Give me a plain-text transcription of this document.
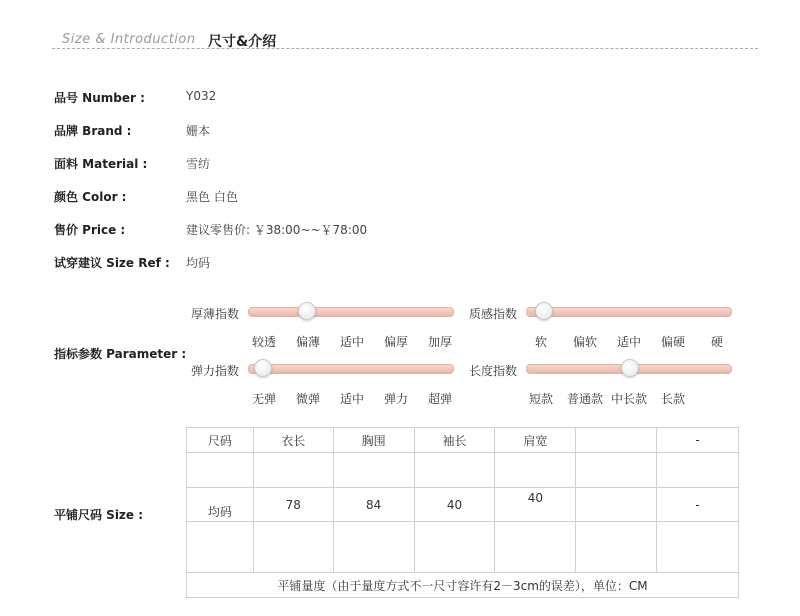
Size & Introduction 尺寸&介绍
品号 Number :	Y032
品牌 Brand :	姗本
面料 Material :	雪纺
颜色 Color :	黑色 白色
售价 Price :	建议零售价: ￥38:00~~￥78:00
试穿建议 Size Ref : 均码
指标参数 Parameter :
厚薄指数
较透	偏薄	适中	偏厚	加厚
质感指数
软	偏软	适中	偏硬	硬
弹力指数
无弹	微弹	适中	弹力	超弹
长度指数
短款	普通款 中长款	长款
平铺尺码 Size :
尺码	衣长	胸围	袖长	肩宽		-

均码	78	84	40	40		-

平铺量度（由于量度方式不一尺寸容许有2－3cm的误差），单位：CM						
